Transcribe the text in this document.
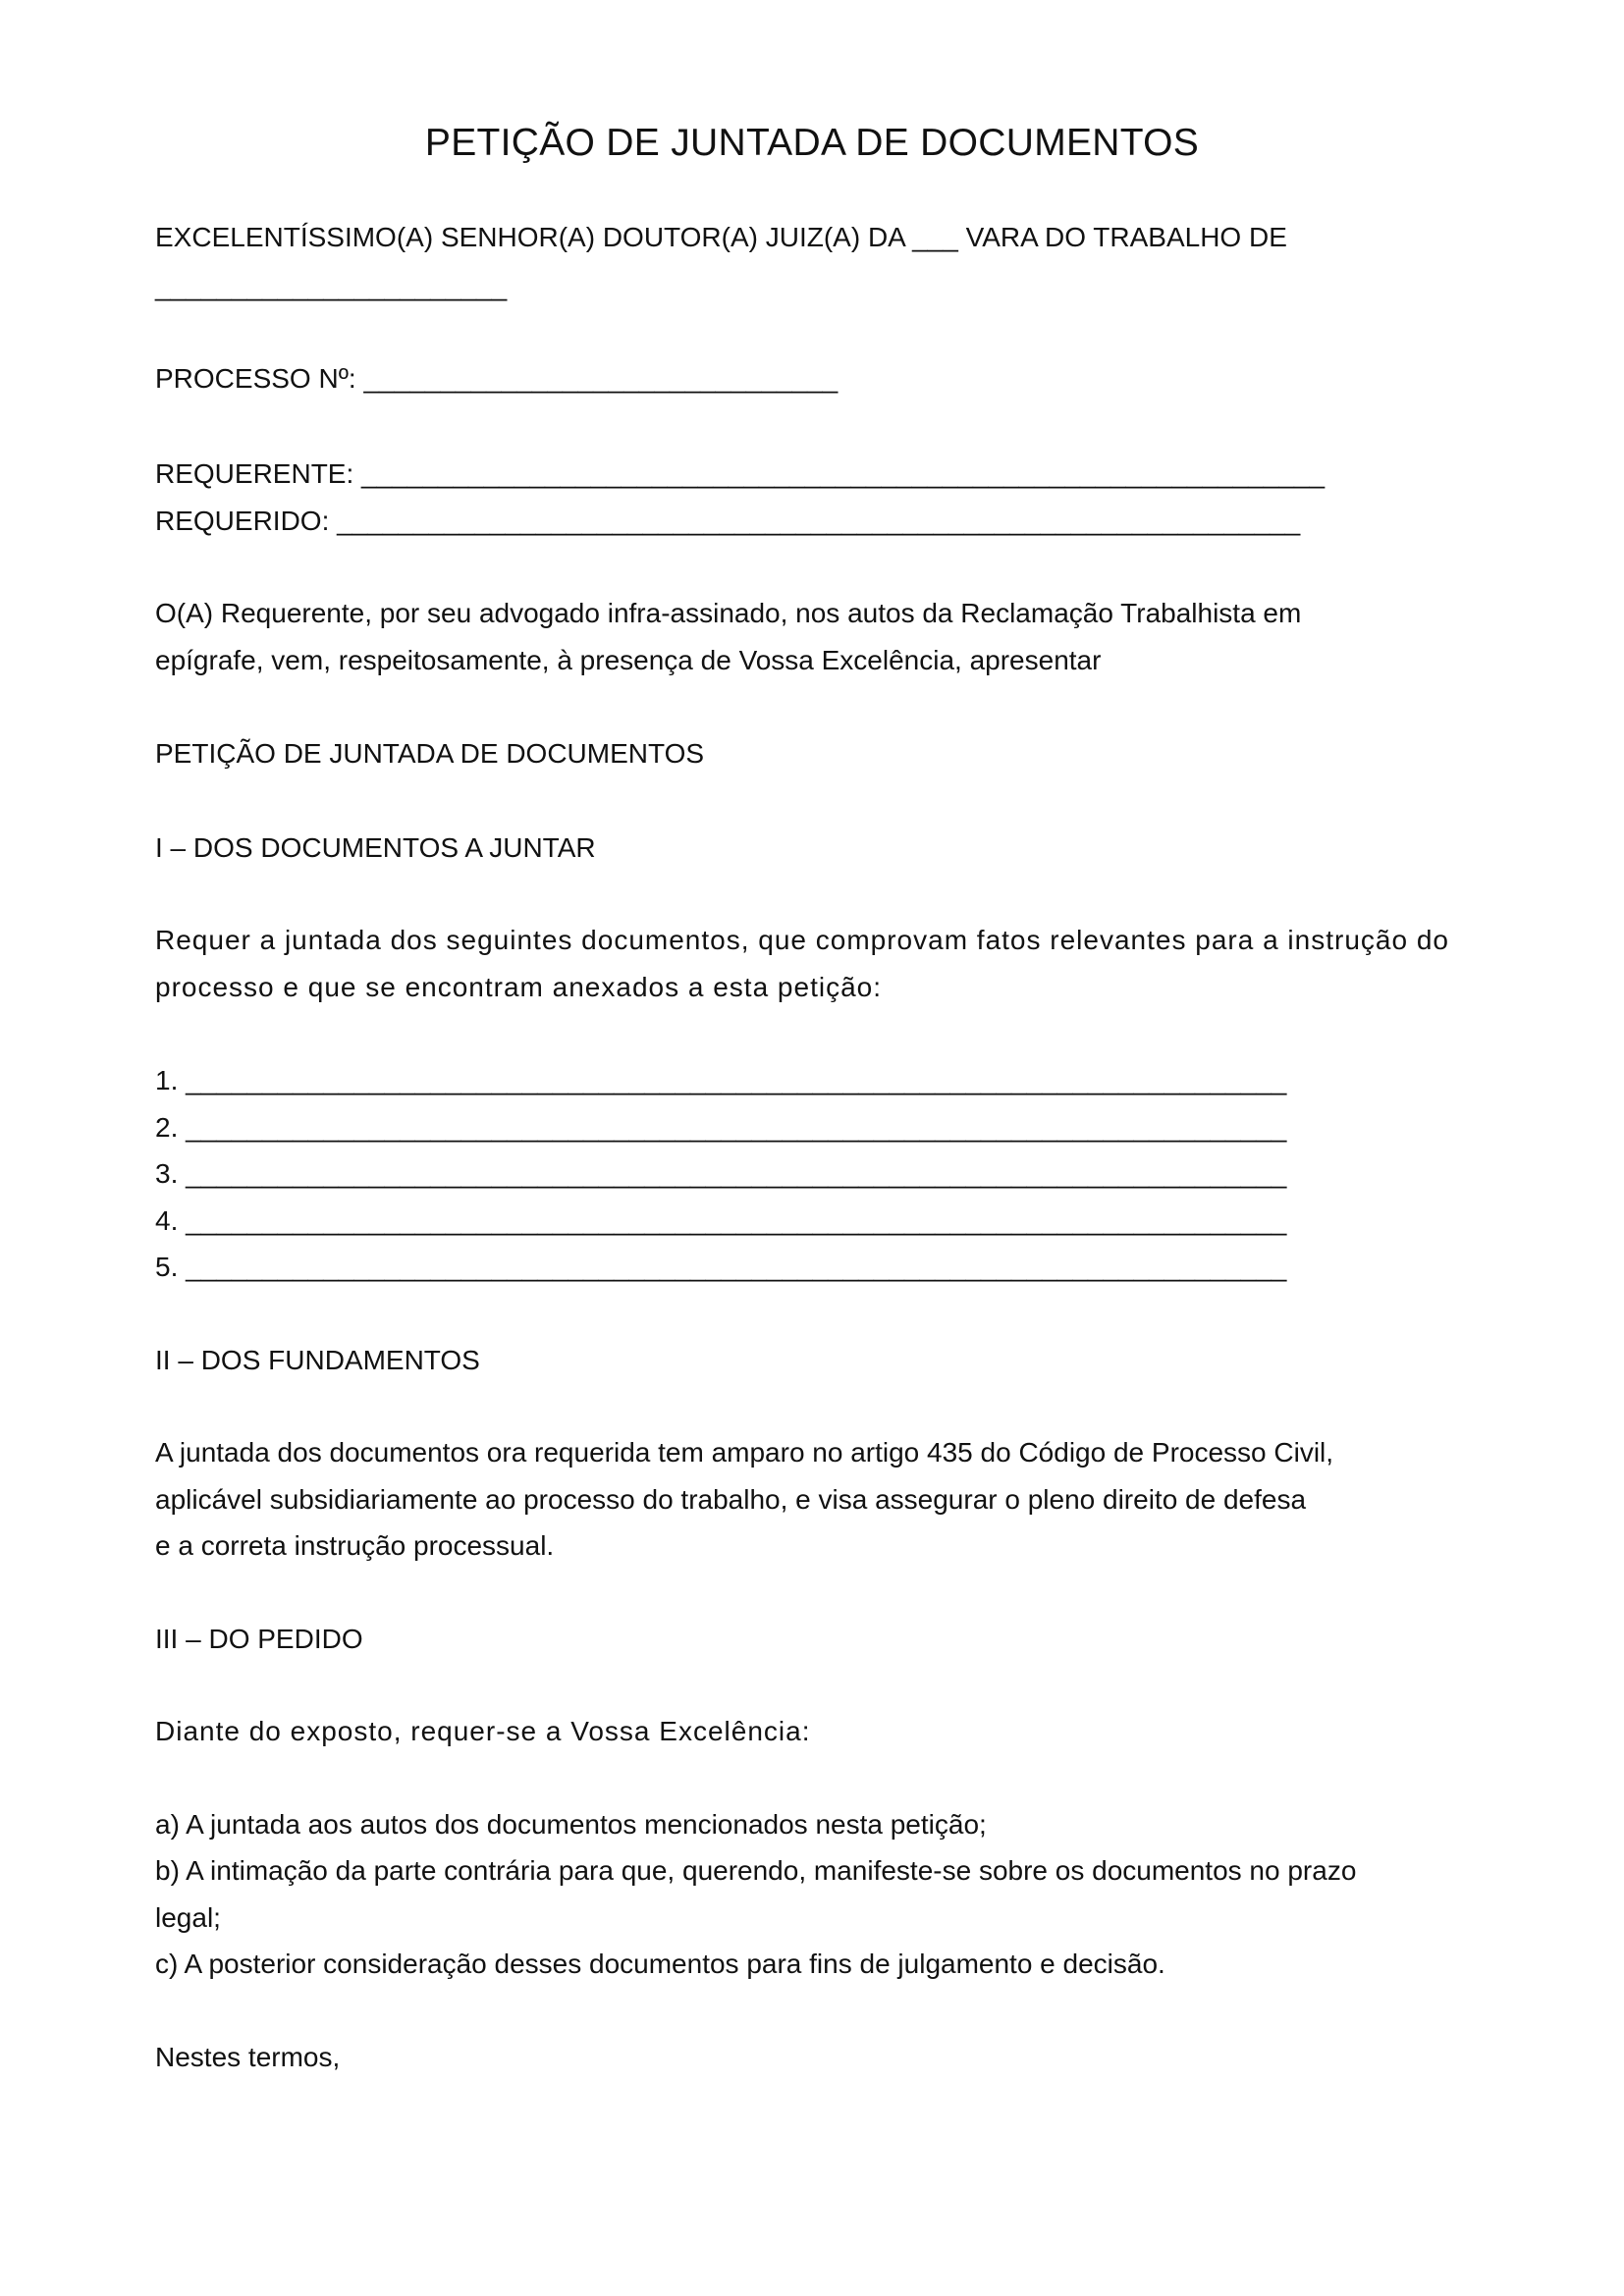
PETIÇÃO DE JUNTADA DE DOCUMENTOS
EXCELENTÍSSIMO(A) SENHOR(A) DOUTOR(A) JUIZ(A) DA ___ VARA DO TRABALHO DE
_______________________
PROCESSO Nº: _______________________________
REQUERENTE: _______________________________________________________________
REQUERIDO: _______________________________________________________________
O(A) Requerente, por seu advogado infra-assinado, nos autos da Reclamação Trabalhista em
epígrafe, vem, respeitosamente, à presença de Vossa Excelência, apresentar
PETIÇÃO DE JUNTADA DE DOCUMENTOS
I – DOS DOCUMENTOS A JUNTAR
Requer a juntada dos seguintes documentos, que comprovam fatos relevantes para a instrução do
processo e que se encontram anexados a esta petição:
1. ________________________________________________________________________
2. ________________________________________________________________________
3. ________________________________________________________________________
4. ________________________________________________________________________
5. ________________________________________________________________________
II – DOS FUNDAMENTOS
A juntada dos documentos ora requerida tem amparo no artigo 435 do Código de Processo Civil,
aplicável subsidiariamente ao processo do trabalho, e visa assegurar o pleno direito de defesa
e a correta instrução processual.
III – DO PEDIDO
Diante do exposto, requer-se a Vossa Excelência:
a) A juntada aos autos dos documentos mencionados nesta petição;
b) A intimação da parte contrária para que, querendo, manifeste-se sobre os documentos no prazo
legal;
c) A posterior consideração desses documentos para fins de julgamento e decisão.
Nestes termos,
